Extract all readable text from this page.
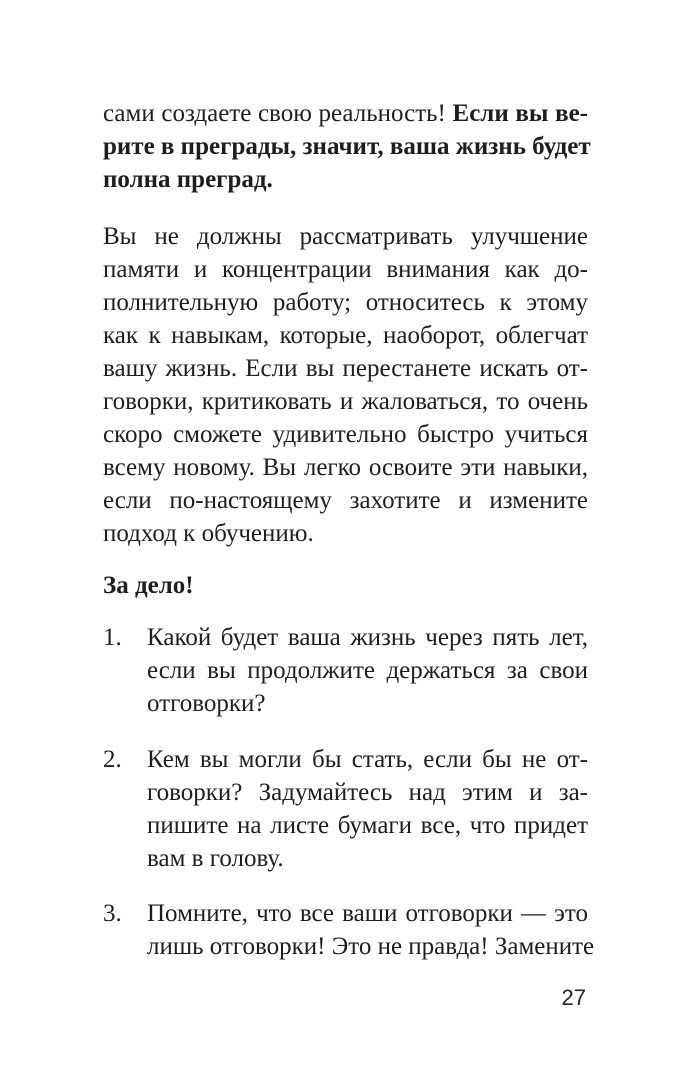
сами создаете свою реальность! Если вы ве-
рите в преграды, значит, ваша жизнь будет
полна преград.
Вы не должны рассматривать улучшение
памяти и концентрации внимания как до-
полнительную работу; относитесь к этому
как к навыкам, которые, наоборот, облегчат
вашу жизнь. Если вы перестанете искать от-
говорки, критиковать и жаловаться, то очень
скоро сможете удивительно быстро учиться
всему новому. Вы легко освоите эти навыки,
если по-настоящему захотите и измените
подход к обучению.
За дело!
1.	Какой будет ваша жизнь через пять лет,
если вы продолжите держаться за свои
отговорки?
2.	Кем вы могли бы стать, если бы не от-
говорки? Задумайтесь над этим и за-
пишите на листе бумаги все, что придет
вам в голову.
3.	Помните, что все ваши отговорки — это
лишь отговорки! Это не правда! Замените
27
